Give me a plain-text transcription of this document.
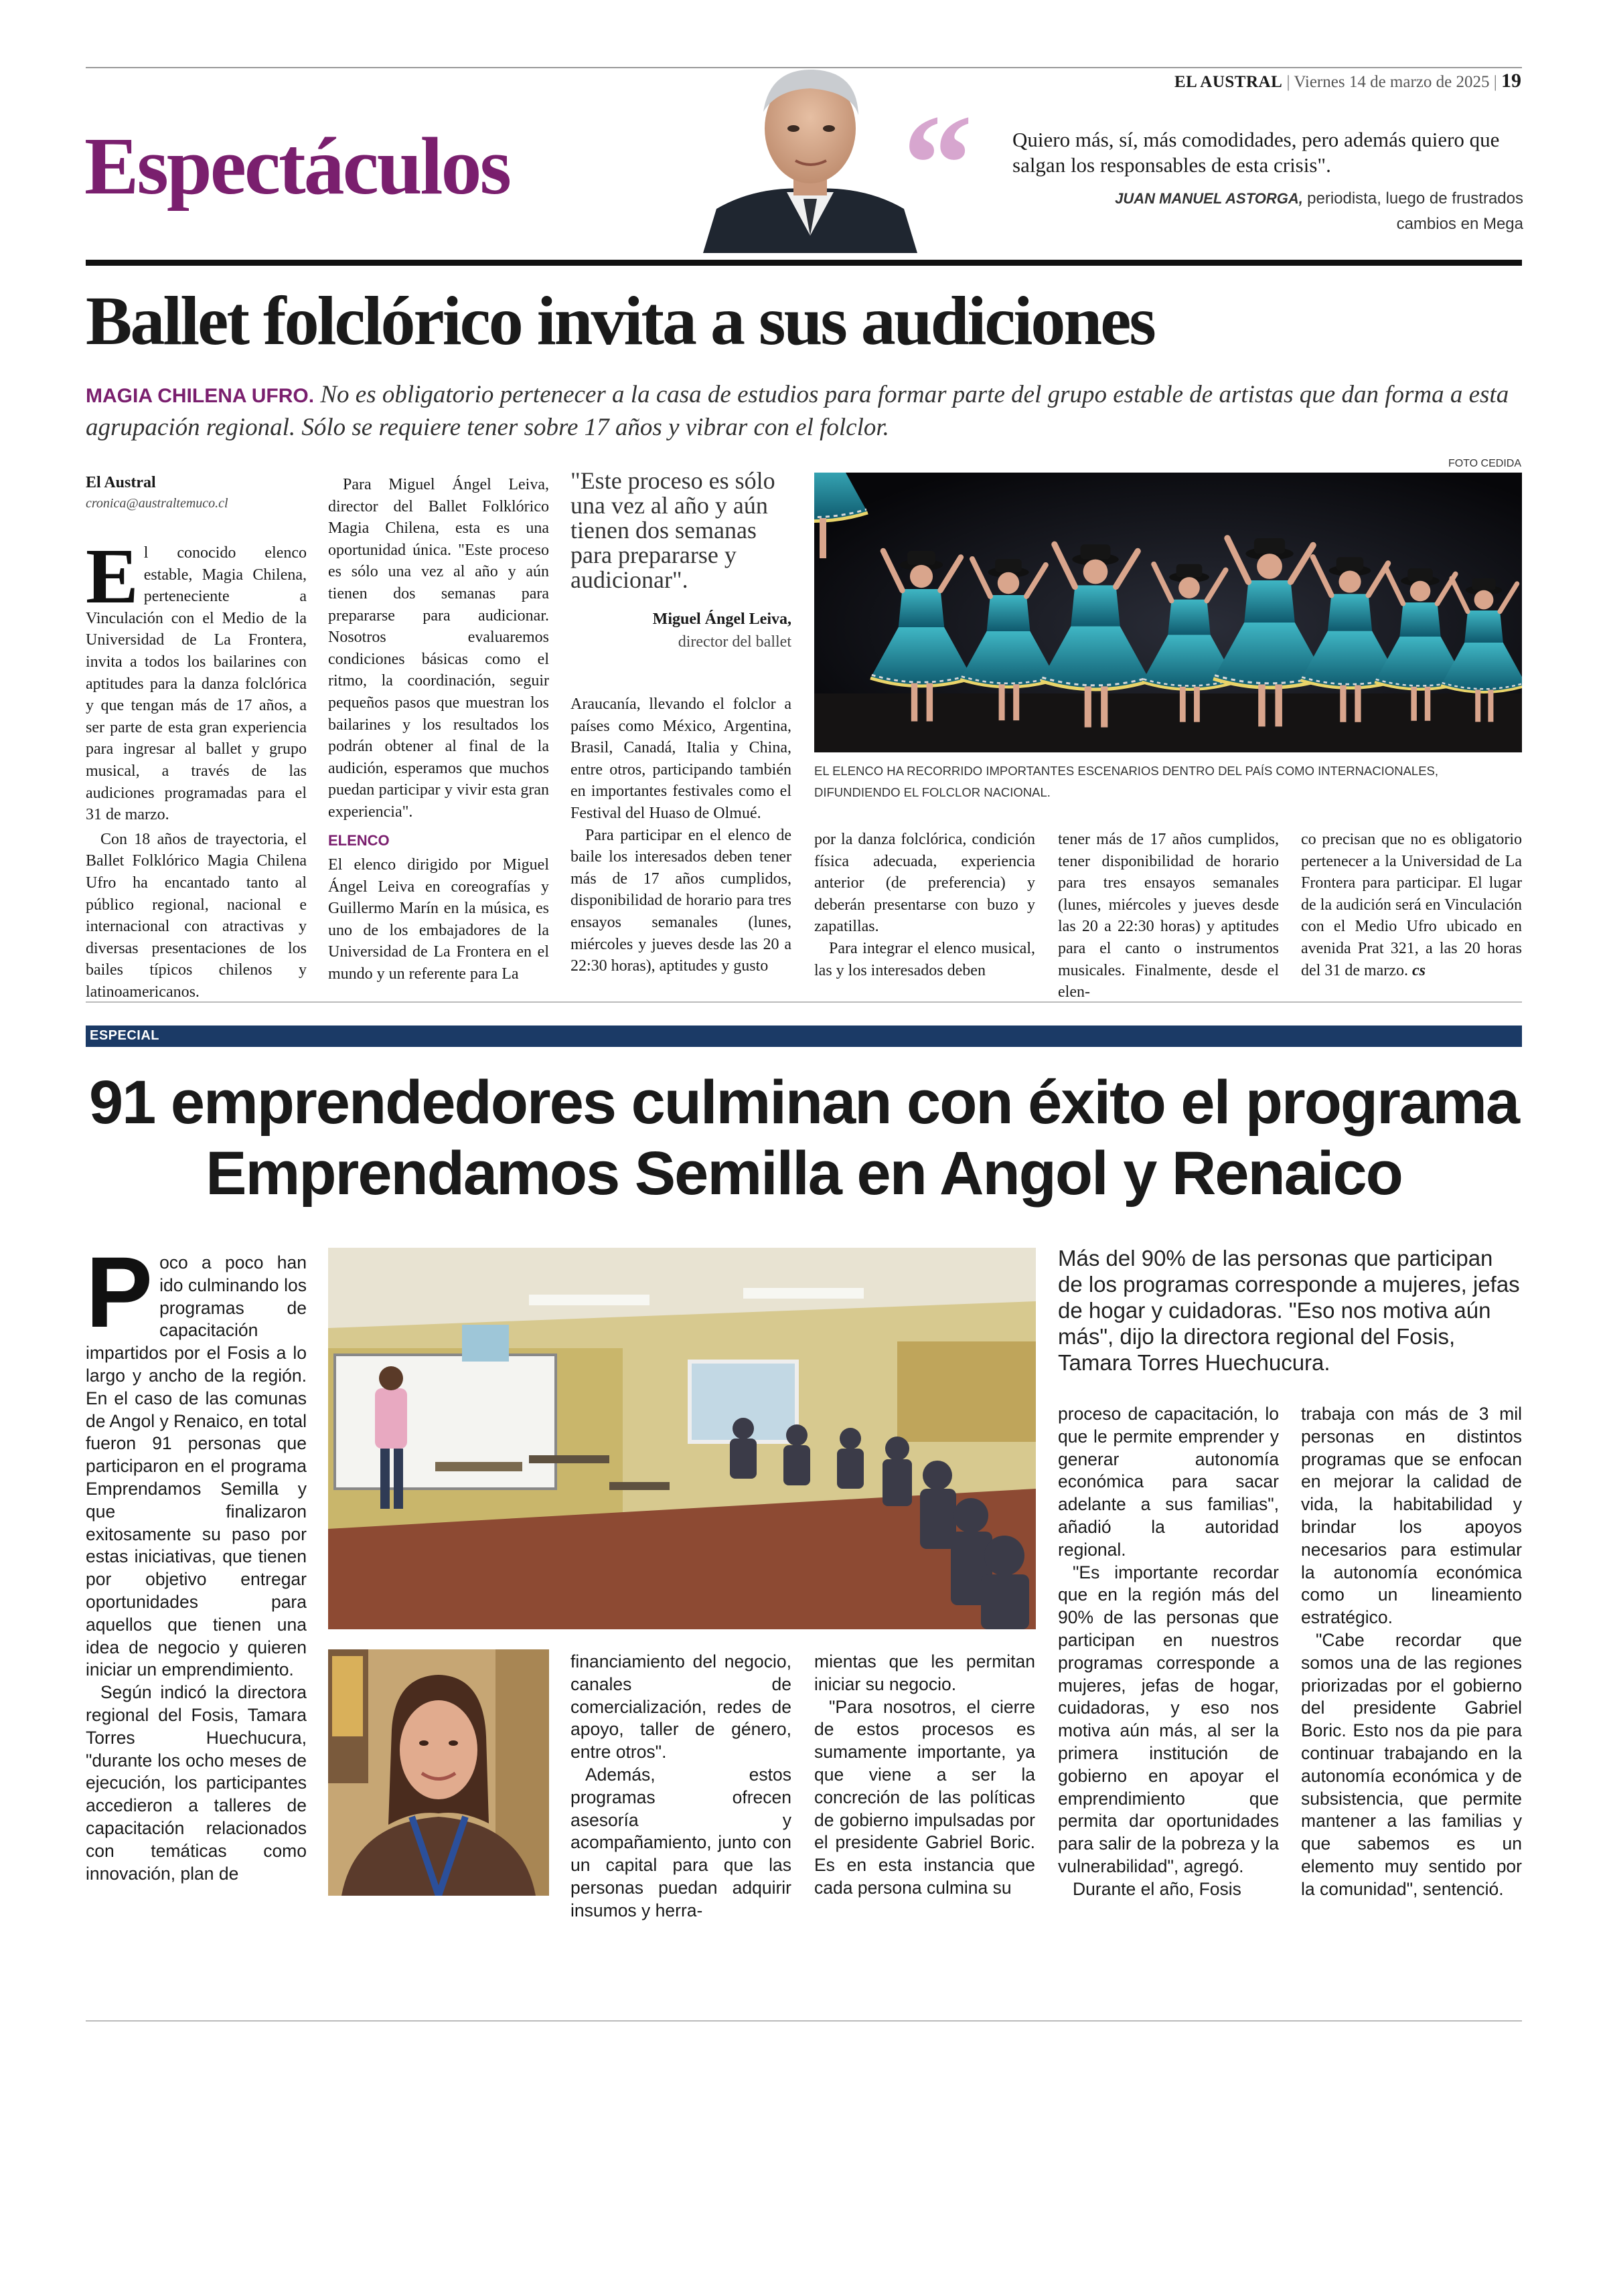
EL AUSTRAL | Viernes 14 de marzo de 2025 | 19
Espectáculos	“ Quiero más, sí, más comodidades, pero además quiero que salgan los responsables de esta crisis".
JUAN MANUEL ASTORGA, periodista, luego de frustrados cambios en Mega
Ballet folclórico invita a sus audiciones
MAGIA CHILENA UFRO. No es obligatorio pertenecer a la casa de estudios para formar parte del grupo estable de artistas que dan forma a esta agrupación regional. Sólo se requiere tener sobre 17 años y vibrar con el folclor.
El Austral
cronica@australtemuco.cl

El conocido elenco estable, Magia Chilena, perteneciente a Vinculación con el Medio de la Universidad de La Frontera, invita a todos los bailarines con aptitudes para la danza folclórica y que tengan más de 17 años, a ser parte de esta gran experiencia para ingresar al ballet y grupo musical, a través de las audiciones programadas para el 31 de marzo.

Con 18 años de trayectoria, el Ballet Folklórico Magia Chilena Ufro ha encantado tanto al público regional, nacional e internacional con atractivas y diversas presentaciones de los bailes típicos chilenos y latinoamericanos.

Para Miguel Ángel Leiva, director del Ballet Folklórico Magia Chilena, esta es una oportunidad única. "Este proceso es sólo una vez al año y aún tienen dos semanas para prepararse para audicionar. Nosotros evaluaremos condiciones básicas como el ritmo, la coordinación, seguir pequeños pasos que muestran los bailarines y los resultados los podrán obtener al final de la audición, esperamos que muchos puedan participar y vivir esta gran experiencia".

ELENCO

El elenco dirigido por Miguel Ángel Leiva en coreografías y Guillermo Marín en la música, es uno de los embajadores de la Universidad de La Frontera en el mundo y un referente para La

"Este proceso es sólo una vez al año y aún tienen dos semanas para prepararse y audicionar".
Miguel Ángel Leiva,
director del ballet

Araucanía, llevando el folclor a países como México, Argentina, Brasil, Canadá, Italia y China, entre otros, participando también en importantes festivales como el Festival del Huaso de Olmué.

Para participar en el elenco de baile los interesados deben tener más de 17 años cumplidos, disponibilidad de horario para tres ensayos semanales (lunes, miércoles y jueves desde las 20 a 22:30 horas), aptitudes y gusto

FOTO CEDIDA
EL ELENCO HA RECORRIDO IMPORTANTES ESCENARIOS DENTRO DEL PAÍS COMO INTERNACIONALES, DIFUNDIENDO EL FOLCLOR NACIONAL.

por la danza folclórica, condición física adecuada, experiencia anterior (de preferencia) y deberán presentarse con buzo y zapatillas.

Para integrar el elenco musical, las y los interesados deben

tener más de 17 años cumplidos, tener disponibilidad de horario para tres ensayos semanales (lunes, miércoles y jueves desde las 20 a 22:30 horas) y aptitudes para el canto o instrumentos musicales. Finalmente, desde el elen-

co precisan que no es obligatorio pertenecer a la Universidad de La Frontera para participar. El lugar de la audición será en Vinculación con el Medio Ufro ubicado en avenida Prat 321, a las 20 horas del 31 de marzo. cs

ESPECIAL
91 emprendedores culminan con éxito el programa
Emprendamos Semilla en Angol y Renaico

Poco a poco han ido culminando los programas de capacitación impartidos por el Fosis a lo largo y ancho de la región. En el caso de las comunas de Angol y Renaico, en total fueron 91 personas que participaron en el programa Emprendamos Semilla y que finalizaron exitosamente su paso por estas iniciativas, que tienen por objetivo entregar oportunidades para aquellos que tienen una idea de negocio y quieren iniciar un emprendimiento.

Según indicó la directora regional del Fosis, Tamara Torres Huechucura, "durante los ocho meses de ejecución, los participantes accedieron a talleres de capacitación relacionados con temáticas como innovación, plan de

Más del 90% de las personas que participan de los programas corresponde a mujeres, jefas de hogar y cuidadoras. "Eso nos motiva aún más", dijo la directora regional del Fosis, Tamara Torres Huechucura.

financiamiento del negocio, canales de comercialización, redes de apoyo, taller de género, entre otros".

Además, estos programas ofrecen asesoría y acompañamiento, junto con un capital para que las personas puedan adquirir insumos y herra-

mientas que les permitan iniciar su negocio.

"Para nosotros, el cierre de estos procesos es sumamente importante, ya que viene a ser la concreción de las políticas de gobierno impulsadas por el presidente Gabriel Boric. Es en esta instancia que cada persona culmina su

proceso de capacitación, lo que le permite emprender y generar autonomía económica para sacar adelante a sus familias", añadió la autoridad regional.

"Es importante recordar que en la región más del 90% de las personas que participan en nuestros programas corresponde a mujeres, jefas de hogar, cuidadoras, y eso nos motiva aún más, al ser la primera institución de gobierno en apoyar el emprendimiento que permita dar oportunidades para salir de la pobreza y la vulnerabilidad", agregó.

Durante el año, Fosis

trabaja con más de 3 mil personas en distintos programas que se enfocan en mejorar la calidad de vida, la habitabilidad y brindar los apoyos necesarios para estimular la autonomía económica como un lineamiento estratégico.

"Cabe recordar que somos una de las regiones priorizadas por el gobierno del presidente Gabriel Boric. Esto nos da pie para continuar trabajando en la autonomía económica y de subsistencia, que permite mantener a las familias y que sabemos es un elemento muy sentido por la comunidad", sentenció.
